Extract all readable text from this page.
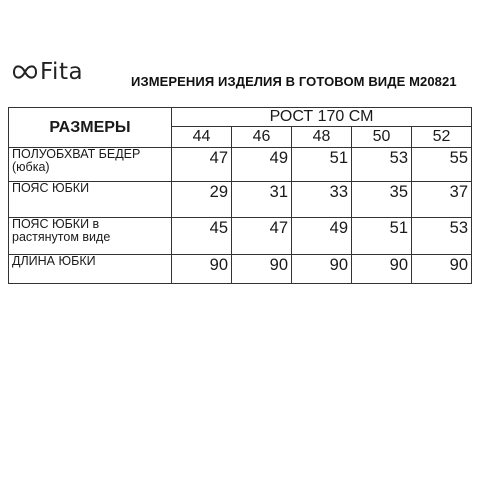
Fita	ИЗМЕРЕНИЯ ИЗДЕЛИЯ В ГОТОВОМ ВИДЕ M20821
РАЗМЕРЫ	РОСТ 170 СМ				
	44	46	48	50	52
ПОЛУОБХВАТ БЕДЕР
(юбка)	47	49	51	53	55
ПОЯС ЮБКИ	29	31	33	35	37
ПОЯС ЮБКИ в
растянутом виде	45	47	49	51	53
ДЛИНА ЮБКИ	90	90	90	90	90
